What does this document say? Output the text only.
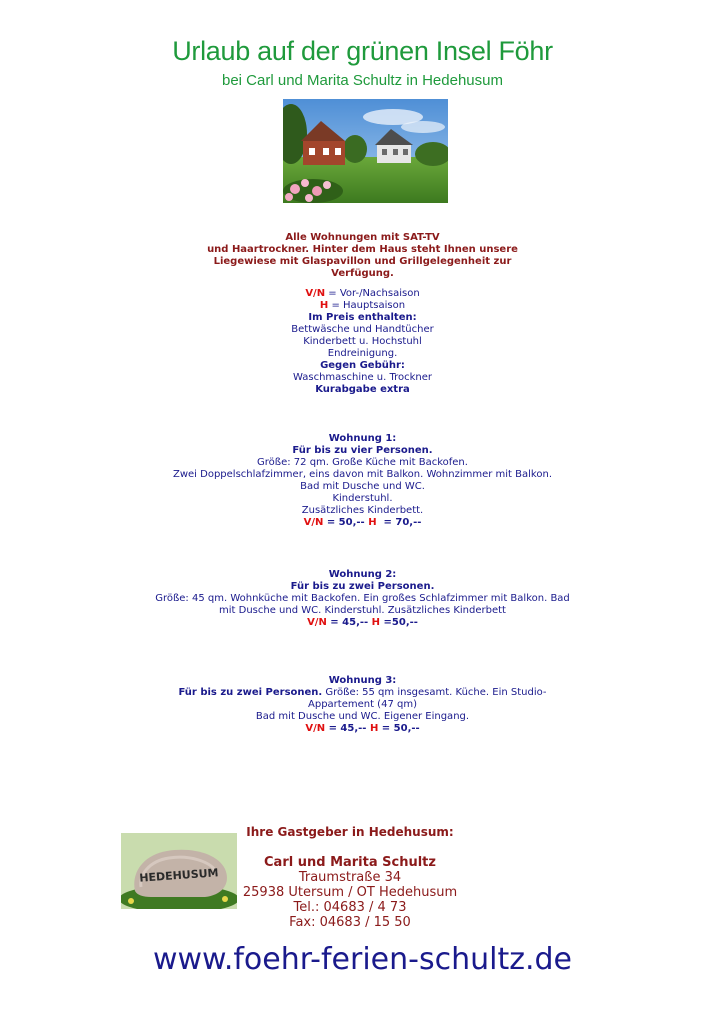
Urlaub auf der grünen Insel Föhr
bei Carl und Marita Schultz in Hedehusum
Alle Wohnungen mit SAT-TV
und Haartrockner. Hinter dem Haus steht Ihnen unsere
Liegewiese mit Glaspavillon und Grillgelegenheit zur
Verfügung.
V/N = Vor-/Nachsaison
H = Hauptsaison
Im Preis enthalten:
Bettwäsche und Handtücher
Kinderbett u. Hochstuhl
Endreinigung.
Gegen Gebühr:
Waschmaschine u. Trockner
Kurabgabe extra
Wohnung 1:
Für bis zu vier Personen.
Größe: 72 qm. Große Küche mit Backofen.
Zwei Doppelschlafzimmer, eins davon mit Balkon. Wohnzimmer mit Balkon.
Bad mit Dusche und WC.
Kinderstuhl.
Zusätzliches Kinderbett.
V/N = 50,-- H  = 70,--
Wohnung 2:
Für bis zu zwei Personen.
Größe: 45 qm. Wohnküche mit Backofen. Ein großes Schlafzimmer mit Balkon. Bad
mit Dusche und WC. Kinderstuhl. Zusätzliches Kinderbett
V/N = 45,-- H =50,--
Wohnung 3:
Für bis zu zwei Personen. Größe: 55 qm insgesamt. Küche. Ein Studio-
Appartement (47 qm)
Bad mit Dusche und WC. Eigener Eingang.
V/N = 45,-- H = 50,--
HEDEHUSUM
Ihre Gastgeber in Hedehusum:
Carl und Marita Schultz
Traumstraße 34
25938 Utersum / OT Hedehusum
Tel.: 04683 / 4 73
Fax: 04683 / 15 50
www.foehr-ferien-schultz.de
